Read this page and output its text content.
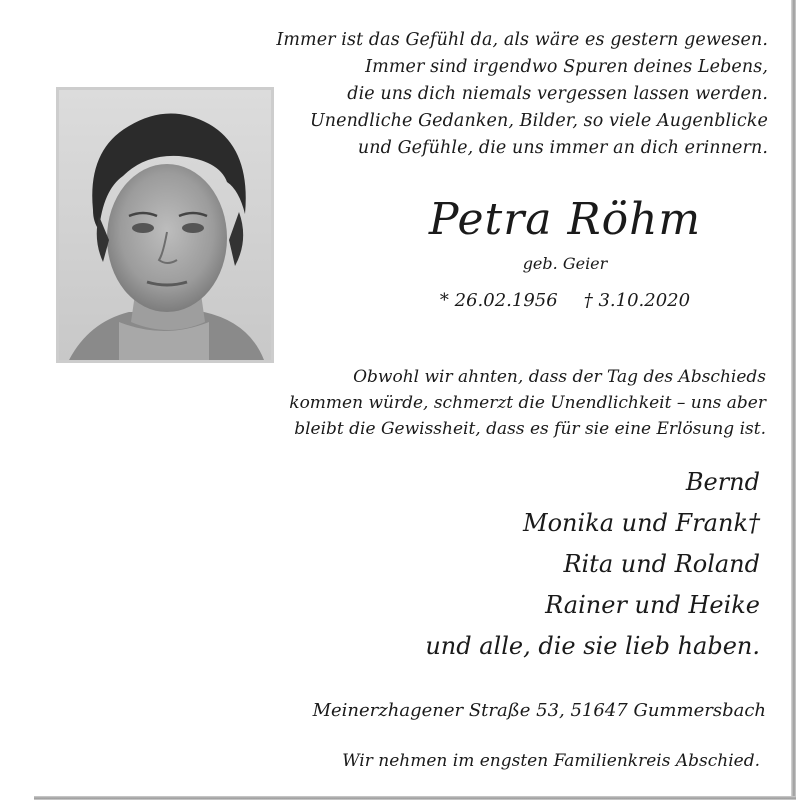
Immer ist das Gefühl da, als wäre es gestern gewesen.
Immer sind irgendwo Spuren deines Lebens,
die uns dich niemals vergessen lassen werden.
Unendliche Gedanken, Bilder, so viele Augenblicke
und Gefühle, die uns immer an dich erinnern.
Petra Röhm
geb. Geier
* 26.02.1956 † 3.10.2020
Obwohl wir ahnten, dass der Tag des Abschieds
kommen würde, schmerzt die Unendlichkeit – uns aber
bleibt die Gewissheit, dass es für sie eine Erlösung ist.
Bernd
Monika und Frank†
Rita und Roland
Rainer und Heike
und alle, die sie lieb haben.
Meinerzhagener Straße 53, 51647 Gummersbach
Wir nehmen im engsten Familienkreis Abschied.
